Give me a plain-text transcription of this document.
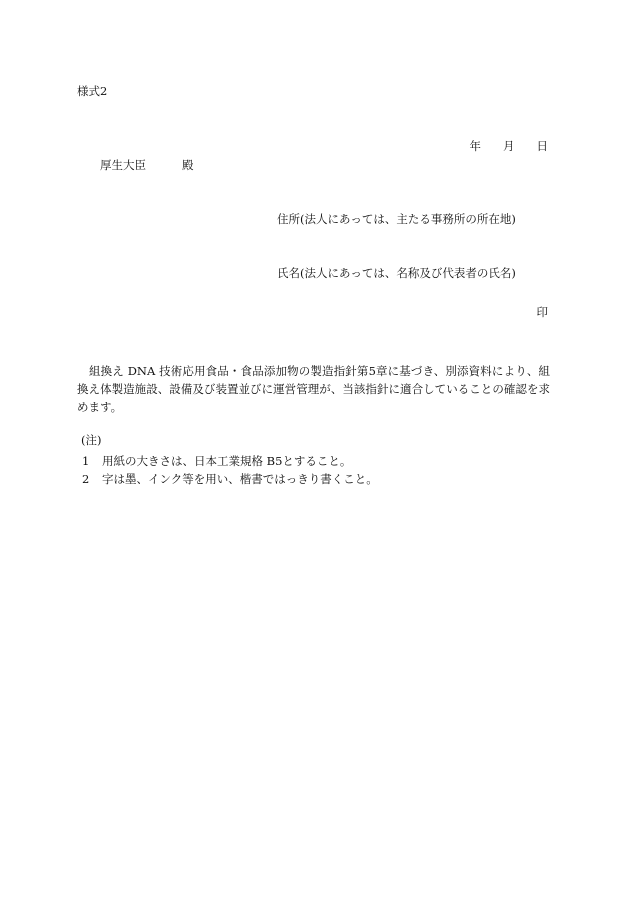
様式2
年 月 日
厚生大臣	殿
住所(法人にあっては、主たる事務所の所在地)
氏名(法人にあっては、名称及び代表者の氏名)
印
組換え DNA 技術応用食品・食品添加物の製造指針第5章に基づき、別添資料により、組換え体製造施設、設備及び装置並びに運営管理が、当該指針に適合していることの確認を求めます。
(注)
1 用紙の大きさは、日本工業規格 B5とすること。
2 字は墨、インク等を用い、楷書ではっきり書くこと。
